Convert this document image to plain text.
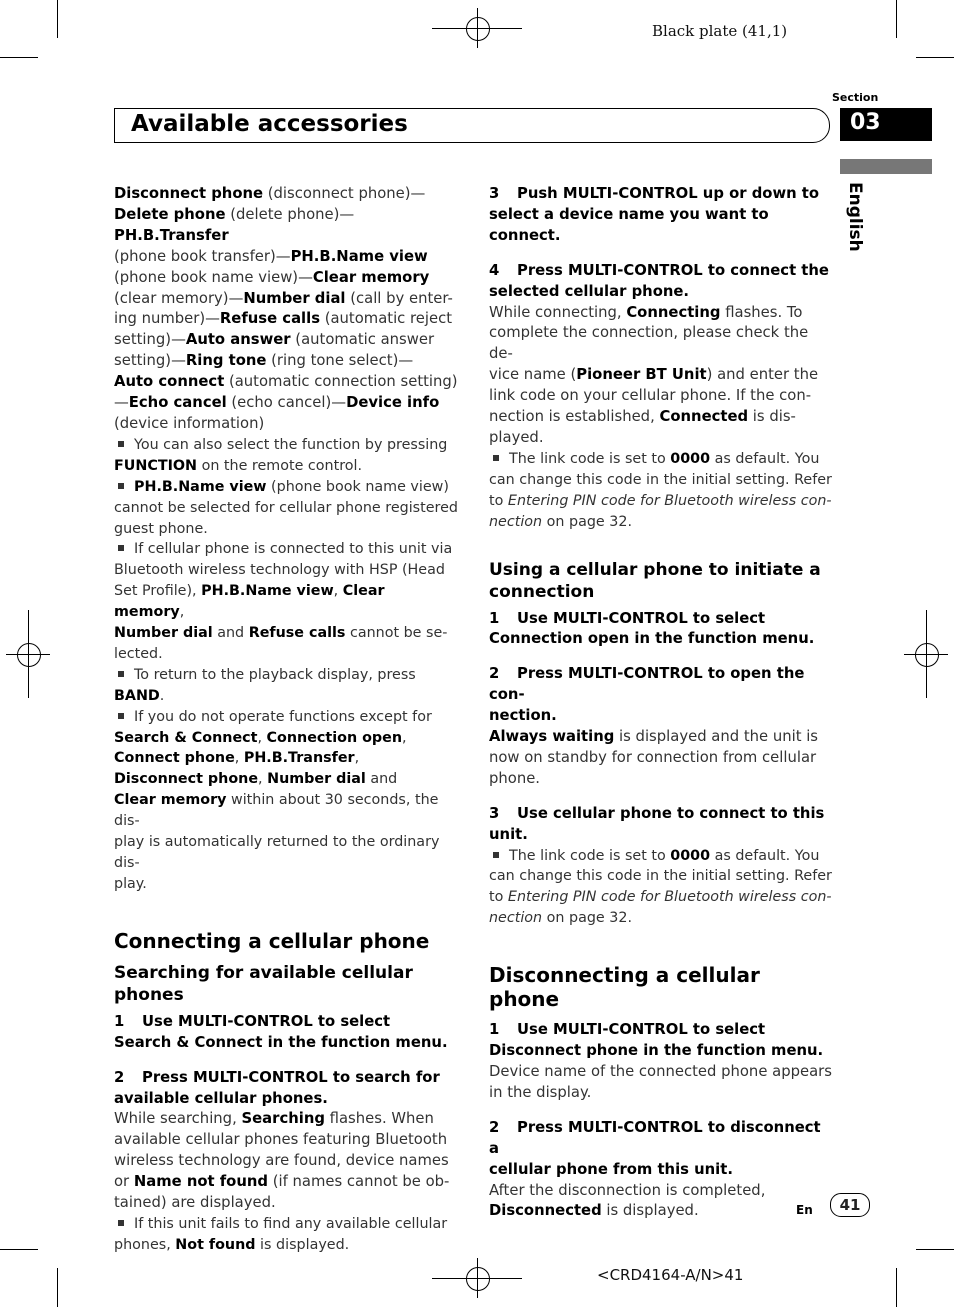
Black plate (41,1)
Available accessories
Section
03
English

Disconnect phone (disconnect phone)—
Delete phone (delete phone)—PH.B.Transfer
(phone book transfer)—PH.B.Name view
(phone book name view)—Clear memory
(clear memory)—Number dial (call by enter-
ing number)—Refuse calls (automatic reject
setting)—Auto answer (automatic answer
setting)—Ring tone (ring tone select)—
Auto connect (automatic connection setting)
—Echo cancel (echo cancel)—Device info
(device information)

You can also select the function by pressing
FUNCTION on the remote control.

PH.B.Name view (phone book name view)
cannot be selected for cellular phone registered
guest phone.

If cellular phone is connected to this unit via
Bluetooth wireless technology with HSP (Head
Set Profile), PH.B.Name view, Clear memory,
Number dial and Refuse calls cannot be se-
lected.

To return to the playback display, press BAND.

If you do not operate functions except for
Search & Connect, Connection open,
Connect phone, PH.B.Transfer,
Disconnect phone, Number dial and
Clear memory within about 30 seconds, the dis-
play is automatically returned to the ordinary dis-
play.

Connecting a cellular phone
Searching for available cellular phones

1 Use MULTI-CONTROL to select
Search & Connect in the function menu.

2 Press MULTI-CONTROL to search for
available cellular phones.

While searching, Searching flashes. When
available cellular phones featuring Bluetooth
wireless technology are found, device names
or Name not found (if names cannot be ob-
tained) are displayed.

If this unit fails to find any available cellular
phones, Not found is displayed.

3 Push MULTI-CONTROL up or down to
select a device name you want to connect.

4 Press MULTI-CONTROL to connect the
selected cellular phone.

While connecting, Connecting flashes. To
complete the connection, please check the de-
vice name (Pioneer BT Unit) and enter the
link code on your cellular phone. If the con-
nection is established, Connected is dis-
played.

The link code is set to 0000 as default. You
can change this code in the initial setting. Refer
to Entering PIN code for Bluetooth wireless con-
nection on page 32.

Using a cellular phone to initiate a
connection

1 Use MULTI-CONTROL to select
Connection open in the function menu.

2 Press MULTI-CONTROL to open the con-
nection.

Always waiting is displayed and the unit is
now on standby for connection from cellular
phone.

3 Use cellular phone to connect to this
unit.

The link code is set to 0000 as default. You
can change this code in the initial setting. Refer
to Entering PIN code for Bluetooth wireless con-
nection on page 32.

Disconnecting a cellular phone

1 Use MULTI-CONTROL to select
Disconnect phone in the function menu.

Device name of the connected phone appears
in the display.

2 Press MULTI-CONTROL to disconnect a
cellular phone from this unit.

After the disconnection is completed,
Disconnected is displayed.	En	41
<CRD4164-A/N>41
